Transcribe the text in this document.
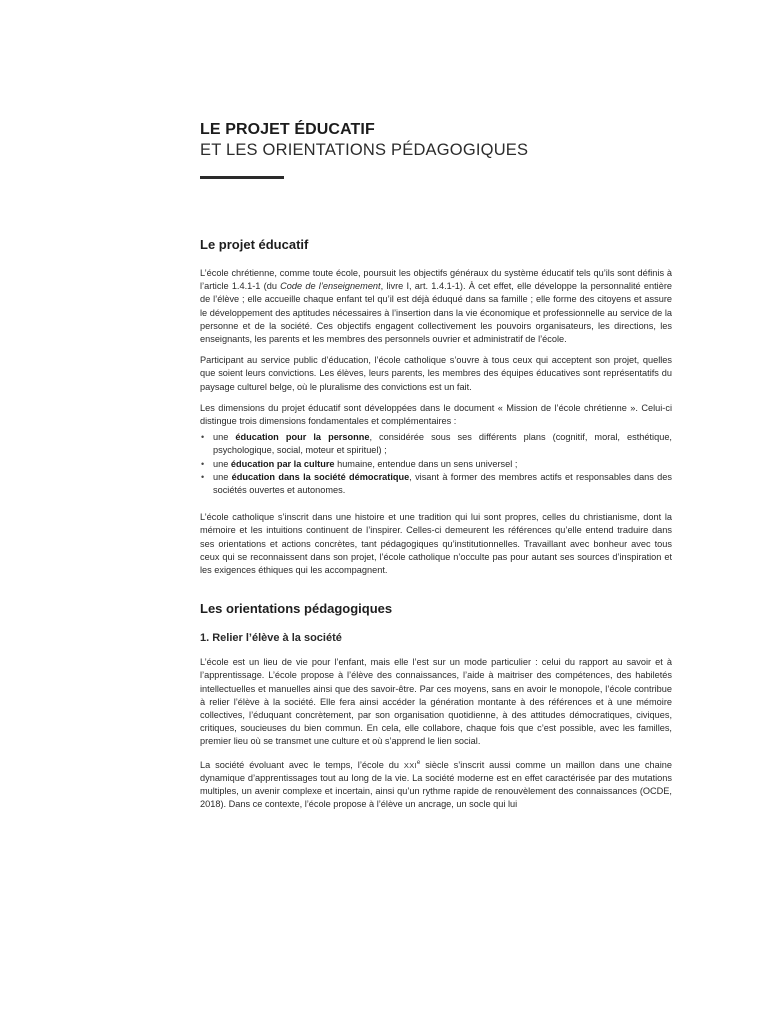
LE PROJET ÉDUCATIF
ET LES ORIENTATIONS PÉDAGOGIQUES
Le projet éducatif

L’école chrétienne, comme toute école, poursuit les objectifs généraux du système éducatif tels qu’ils sont définis à l’article 1.4.1-1 (du Code de l’enseignement, livre I, art. 1.4.1-1). À cet effet, elle développe la personnalité entière de l’élève ; elle accueille chaque enfant tel qu’il est déjà éduqué dans sa famille ; elle forme des citoyens et assure le développement des aptitudes nécessaires à l’insertion dans la vie économique et professionnelle au service de la personne et de la société. Ces objectifs engagent collectivement les pouvoirs organisateurs, les directions, les enseignants, les parents et les membres des personnels ouvrier et administratif de l’école.

Participant au service public d’éducation, l’école catholique s’ouvre à tous ceux qui acceptent son projet, quelles que soient leurs convictions. Les élèves, leurs parents, les membres des équipes éducatives sont représentatifs du paysage culturel belge, où le pluralisme des convictions est un fait.

Les dimensions du projet éducatif sont développées dans le document « Mission de l’école chrétienne ». Celui-ci distingue trois dimensions fondamentales et complémentaires :

• une éducation pour la personne, considérée sous ses différents plans (cognitif, moral, esthétique, psychologique, social, moteur et spirituel) ;
• une éducation par la culture humaine, entendue dans un sens universel ;
• une éducation dans la société démocratique, visant à former des membres actifs et responsables dans des sociétés ouvertes et autonomes.

L’école catholique s’inscrit dans une histoire et une tradition qui lui sont propres, celles du christianisme, dont la mémoire et les intuitions continuent de l’inspirer. Celles-ci demeurent les références qu’elle entend traduire dans ses orientations et actions concrètes, tant pédagogiques qu’institutionnelles. Travaillant avec bonheur avec tous ceux qui se reconnaissent dans son projet, l’école catholique n’occulte pas pour autant ses sources d’inspiration et les exigences éthiques qui les accompagnent.

Les orientations pédagogiques
1. Relier l’élève à la société

L’école est un lieu de vie pour l’enfant, mais elle l’est sur un mode particulier : celui du rapport au savoir et à l’apprentissage. L’école propose à l’élève des connaissances, l’aide à maitriser des compétences, des habiletés intellectuelles et manuelles ainsi que des savoir-être. Par ces moyens, sans en avoir le monopole, l’école contribue à relier l’élève à la société. Elle fera ainsi accéder la génération montante à des références et à une mémoire collectives, l’éduquant concrètement, par son organisation quotidienne, à des attitudes démocratiques, civiques, critiques, soucieuses du bien commun. En cela, elle collabore, chaque fois que c’est possible, avec les familles, premier lieu où se transmet une culture et où s’apprend le lien social.

La société évoluant avec le temps, l’école du XXIe siècle s’inscrit aussi comme un maillon dans une chaine dynamique d’apprentissages tout au long de la vie. La société moderne est en effet caractérisée par des mutations multiples, un avenir complexe et incertain, ainsi qu’un rythme rapide de renouvèlement des connaissances (OCDE, 2018). Dans ce contexte, l’école propose à l’élève un ancrage, un socle qui lui
